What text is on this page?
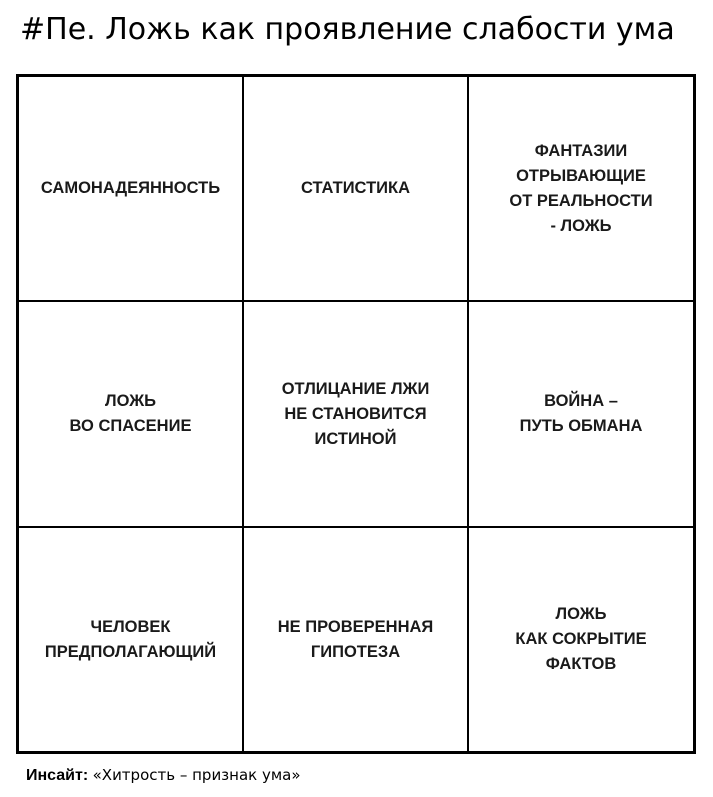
#Пе. Ложь как проявление слабости ума
САМОНАДЕЯННОСТЬ	СТАТИСТИКА
ФАНТАЗИИ
ОТРЫВАЮЩИЕ
ОТ РЕАЛЬНОСТИ
- ЛОЖЬ
ЛОЖЬ
ВО СПАСЕНИЕ
ОТЛИЦАНИЕ ЛЖИ
НЕ СТАНОВИТСЯ
ИСТИНОЙ
ВОЙНА –
ПУТЬ ОБМАНА
ЧЕЛОВЕК
ПРЕДПОЛАГАЮЩИЙ
НЕ ПРОВЕРЕННАЯ
ГИПОТЕЗА
ЛОЖЬ
КАК СОКРЫТИЕ
ФАКТОВ
Инсайт: «Хитрость – признак ума»
